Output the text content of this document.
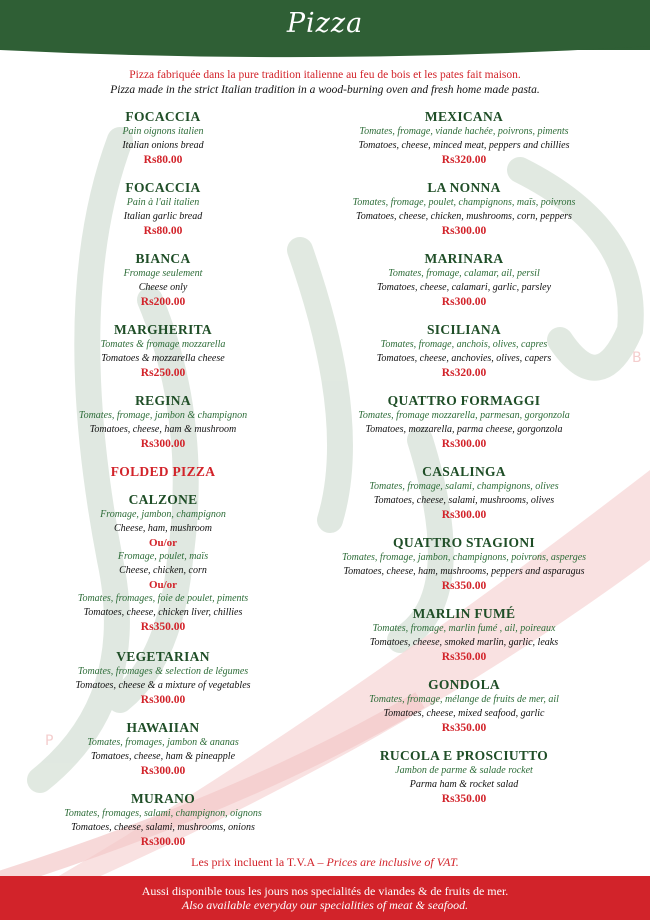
Pizza
P
B
Pizza fabriquée dans la pure tradition italienne au feu de bois et les pates fait maison.
Pizza made in the strict Italian tradition in a wood-burning oven and fresh home made pasta.
FOCACCIA
Pain oignons italien
Italian onions bread
Rs80.00
FOCACCIA
Pain à l'ail italien
Italian garlic bread
Rs80.00
BIANCA
Fromage seulement
Cheese only
Rs200.00
MARGHERITA
Tomates & fromage mozzarella
Tomatoes & mozzarella cheese
Rs250.00
REGINA
Tomates, fromage, jambon & champignon
Tomatoes, cheese, ham & mushroom
Rs300.00
FOLDED PIZZA
CALZONE
Fromage, jambon, champignon
Cheese, ham, mushroom
Ou/or
Fromage, poulet, maïs
Cheese, chicken, corn
Ou/or
Tomates, fromages, foie de poulet, piments
Tomatoes, cheese, chicken liver, chillies
Rs350.00
VEGETARIAN
Tomates, fromages & selection de légumes
Tomatoes, cheese & a mixture of vegetables
Rs300.00
HAWAIIAN
Tomates, fromages, jambon & ananas
Tomatoes, cheese, ham & pineapple
Rs300.00
MURANO
Tomates, fromages, salami, champignon, oignons
Tomatoes, cheese, salami, mushrooms, onions
Rs300.00
MEXICANA
Tomates, fromage, viande hachée, poivrons, piments
Tomatoes, cheese, minced meat, peppers and chillies
Rs320.00
LA NONNA
Tomates, fromage, poulet, champignons, maïs, poivrons
Tomatoes, cheese, chicken, mushrooms, corn, peppers
Rs300.00
MARINARA
Tomates, fromage, calamar, ail, persil
Tomatoes, cheese, calamari, garlic, parsley
Rs300.00
SICILIANA
Tomates, fromage, anchois, olives, capres
Tomatoes, cheese, anchovies, olives, capers
Rs320.00
QUATTRO FORMAGGI
Tomates, fromage mozzarella, parmesan, gorgonzola
Tomatoes, mozzarella, parma cheese, gorgonzola
Rs300.00
CASALINGA
Tomates, fromage, salami, champignons, olives
Tomatoes, cheese, salami, mushrooms, olives
Rs300.00
QUATTRO STAGIONI
Tomates, fromage, jambon, champignons, poivrons, asperges
Tomatoes, cheese, ham, mushrooms, peppers and asparagus
Rs350.00
MARLIN FUMÉ
Tomates, fromage, marlin fumé , ail, poireaux
Tomatoes, cheese, smoked marlin, garlic, leaks
Rs350.00
GONDOLA
Tomates, fromage, mélange de fruits de mer, ail
Tomatoes, cheese, mixed seafood, garlic
Rs350.00
RUCOLA E PROSCIUTTO
Jambon de parme & salade rocket
Parma ham & rocket salad
Rs350.00
Les prix incluent la T.V.A – Prices are inclusive of VAT.
Aussi disponible tous les jours nos specialités de viandes & de fruits de mer.
Also available everyday our specialities of meat & seafood.
